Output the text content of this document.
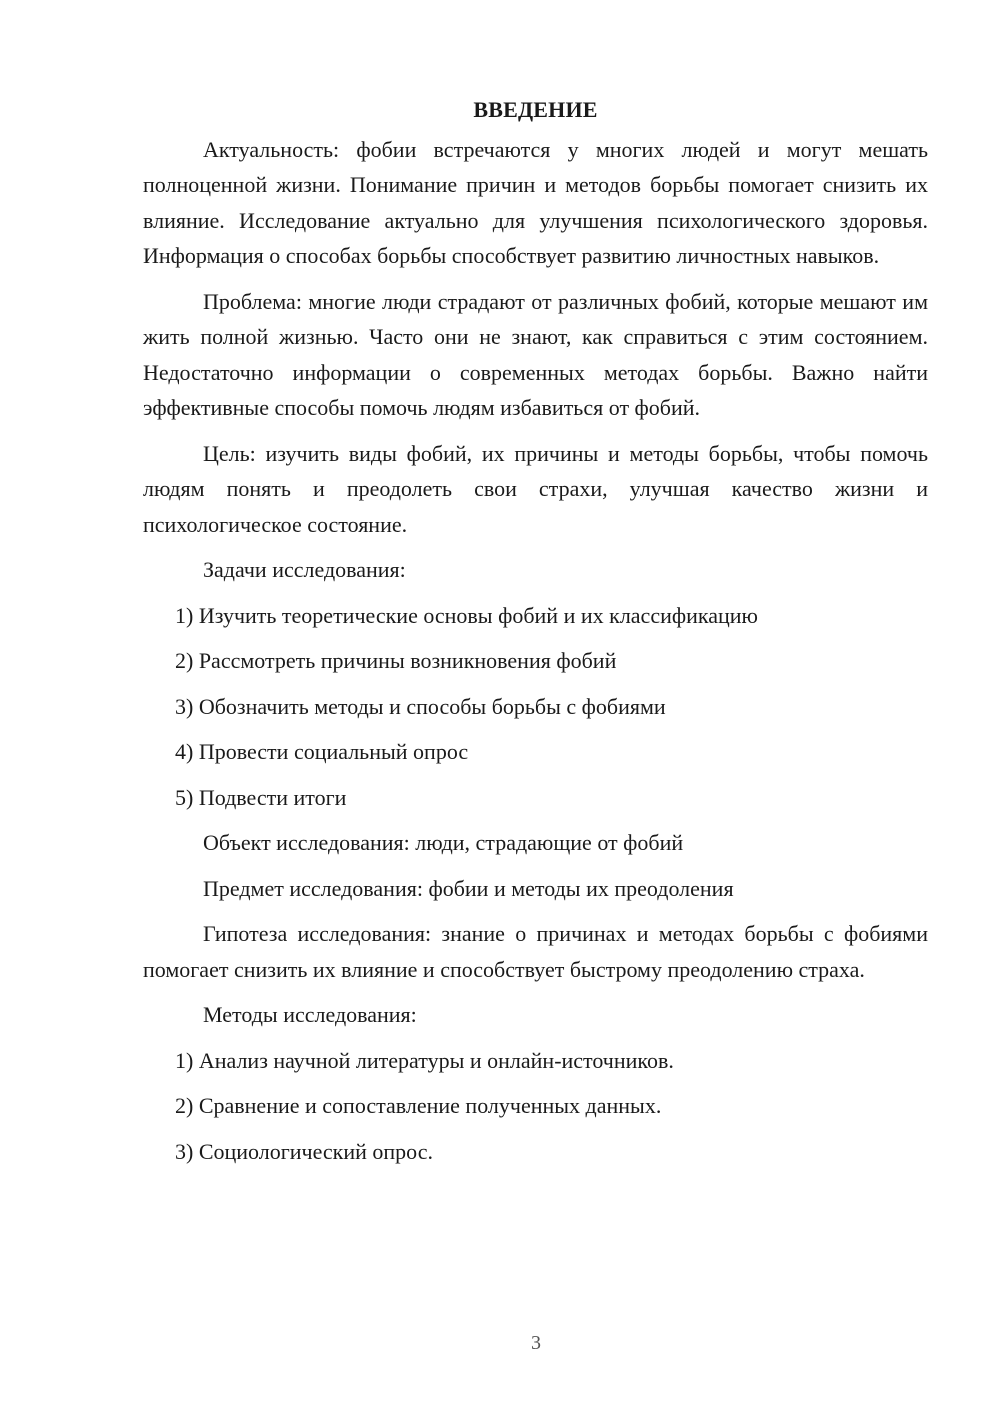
ВВЕДЕНИЕ

Актуальность: фобии встречаются у многих людей и могут мешать полноценной жизни. Понимание причин и методов борьбы помогает снизить их влияние. Исследование актуально для улучшения психологического здоровья. Информация о способах борьбы способствует развитию личностных навыков.

Проблема: многие люди страдают от различных фобий, которые мешают им жить полной жизнью. Часто они не знают, как справиться с этим состоянием. Недостаточно информации о современных методах борьбы. Важно найти эффективные способы помочь людям избавиться от фобий.

Цель: изучить виды фобий, их причины и методы борьбы, чтобы помочь людям понять и преодолеть свои страхи, улучшая качество жизни и психологическое состояние.

Задачи исследования:
1) Изучить теоретические основы фобий и их классификацию
2) Рассмотреть причины возникновения фобий
3) Обозначить методы и способы борьбы с фобиями
4) Провести социальный опрос
5) Подвести итоги
Объект исследования: люди, страдающие от фобий
Предмет исследования: фобии и методы их преодоления

Гипотеза исследования: знание о причинах и методах борьбы с фобиями помогает снизить их влияние и способствует быстрому преодолению страха.

Методы исследования:
1) Анализ научной литературы и онлайн-источников.
2) Сравнение и сопоставление полученных данных.
3) Социологический опрос.
3
